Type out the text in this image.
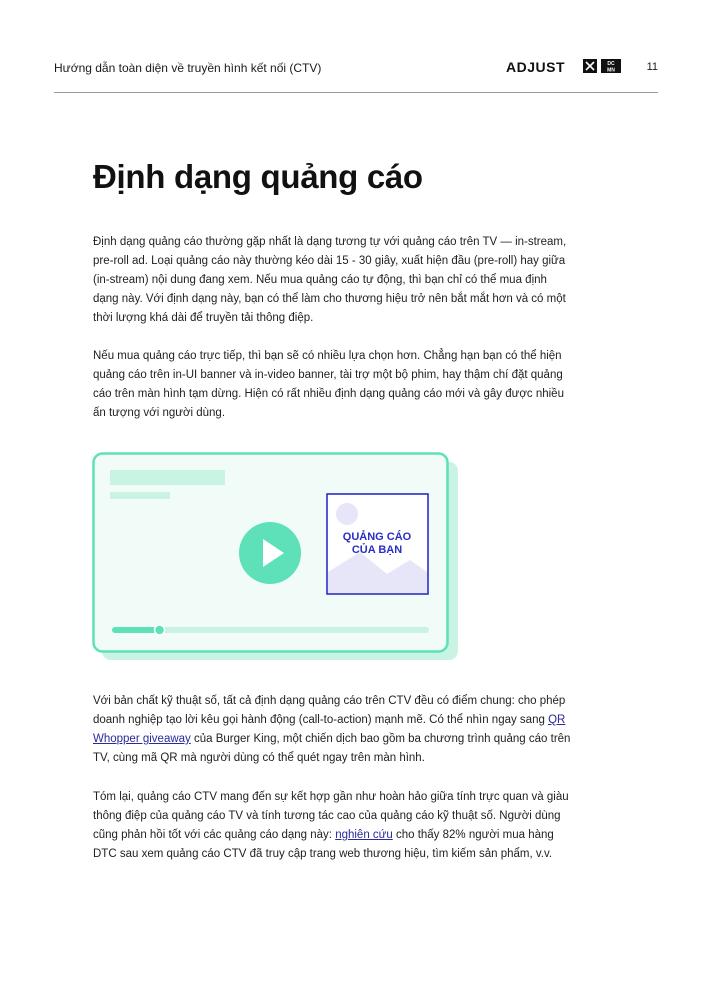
Hướng dẫn toàn diện về truyền hình kết nối (CTV)	ADJUST	DC
MN	11
Định dạng quảng cáo

Định dạng quảng cáo thường gặp nhất là dạng tương tự với quảng cáo trên TV — in-stream, pre-roll ad. Loại quảng cáo này thường kéo dài 15 - 30 giây, xuất hiện đầu (pre-roll) hay giữa (in-stream) nội dung đang xem. Nếu mua quảng cáo tự động, thì bạn chỉ có thể mua định dạng này. Với định dạng này, bạn có thể làm cho thương hiệu trở nên bắt mắt hơn và có một thời lượng khá dài để truyền tải thông điệp.

Nếu mua quảng cáo trực tiếp, thì bạn sẽ có nhiều lựa chọn hơn. Chẳng hạn bạn có thể hiện quảng cáo trên in-UI banner và in-video banner, tài trợ một bộ phim, hay thậm chí đặt quảng cáo trên màn hình tạm dừng. Hiện có rất nhiều định dạng quảng cáo mới và gây được nhiều ấn tượng với người dùng.

QUẢNG CÁO
CỦA BẠN

Với bản chất kỹ thuật số, tất cả định dạng quảng cáo trên CTV đều có điểm chung: cho phép doanh nghiệp tạo lời kêu gọi hành động (call-to-action) mạnh mẽ. Có thể nhìn ngay sang QR Whopper giveaway của Burger King, một chiến dịch bao gồm ba chương trình quảng cáo trên TV, cùng mã QR mà người dùng có thể quét ngay trên màn hình.

Tóm lại, quảng cáo CTV mang đến sự kết hợp gần như hoàn hảo giữa tính trực quan và giàu thông điệp của quảng cáo TV và tính tương tác cao của quảng cáo kỹ thuật số. Người dùng cũng phản hồi tốt với các quảng cáo dạng này: nghiên cứu cho thấy 82% người mua hàng DTC sau xem quảng cáo CTV đã truy cập trang web thương hiệu, tìm kiếm sản phẩm, v.v.
